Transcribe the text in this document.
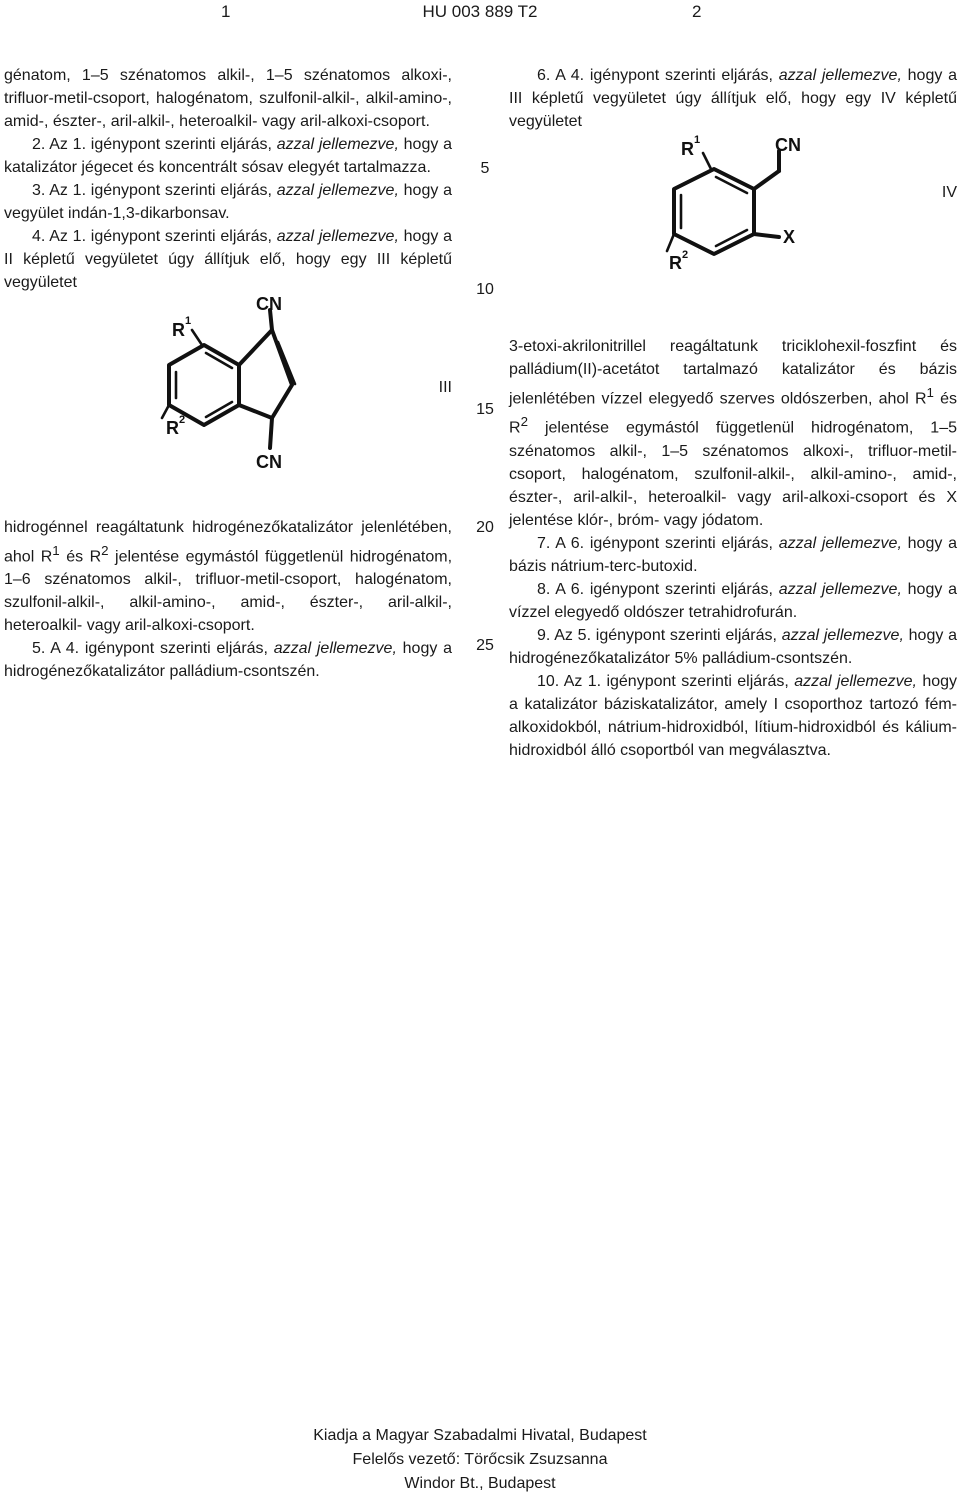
1	HU 003 889 T2	2

génatom, 1–5 szénatomos alkil-, 1–5 szénatomos alkoxi-, trifluor-metil-csoport, halogénatom, szulfonil-alkil-, alkil-amino-, amid-, észter-, aril-alkil-, heteroalkil- vagy aril-alkoxi-csoport.

2. Az 1. igénypont szerinti eljárás, azzal jellemezve, hogy a katalizátor jégecet és koncentrált sósav elegyét tartalmazza.

3. Az 1. igénypont szerinti eljárás, azzal jellemezve, hogy a vegyület indán-1,3-dikarbonsav.

4. Az 1. igénypont szerinti eljárás, azzal jellemezve, hogy a II képletű vegyületet úgy állítjuk elő, hogy egy III képletű vegyületet

CN
CN
R 1
R 2
III

hidrogénnel reagáltatunk hidrogénezőkatalizátor jelenlétében, ahol $R^1$ és $R^2$ jelentése egymástól függetlenül hidrogénatom, 1–6 szénatomos alkil-, trifluor-metil-csoport, halogénatom, szulfonil-alkil-, alkil-amino-, amid-, észter-, aril-alkil-, heteroalkil- vagy aril-alkoxi-csoport.

5. A 4. igénypont szerinti eljárás, azzal jellemezve, hogy a hidrogénezőkatalizátor palládium-csontszén.

5
10
15
20
25

6. A 4. igénypont szerinti eljárás, azzal jellemezve, hogy a III képletű vegyületet úgy állítjuk elő, hogy egy IV képletű vegyületet

CN
X
R 1
R 2
IV

3-etoxi-akrilonitrillel reagáltatunk triciklohexil-foszfint és palládium(II)-acetátot tartalmazó katalizátor és bázis jelenlétében vízzel elegyedő szerves oldószerben, ahol $R^1$ és $R^2$ jelentése egymástól függetlenül hidrogénatom, 1–5 szénatomos alkil-, 1–5 szénatomos alkoxi-, trifluor-metil-csoport, halogénatom, szulfonil-alkil-, alkil-amino-, amid-, észter-, aril-alkil-, heteroalkil- vagy aril-alkoxi-csoport és X jelentése klór-, bróm- vagy jódatom.

7. A 6. igénypont szerinti eljárás, azzal jellemezve, hogy a bázis nátrium-terc-butoxid.

8. A 6. igénypont szerinti eljárás, azzal jellemezve, hogy a vízzel elegyedő oldószer tetrahidrofurán.

9. Az 5. igénypont szerinti eljárás, azzal jellemezve, hogy a hidrogénezőkatalizátor 5% palládium-csontszén.

10. Az 1. igénypont szerinti eljárás, azzal jellemezve, hogy a katalizátor báziskatalizátor, amely I csoporthoz tartozó fém-alkoxidokból, nátrium-hidroxidból, lítium-hidroxidból és kálium-hidroxidból álló csoportból van megválasztva.

Kiadja a Magyar Szabadalmi Hivatal, Budapest
Felelős vezető: Törőcsik Zsuzsanna
Windor Bt., Budapest
